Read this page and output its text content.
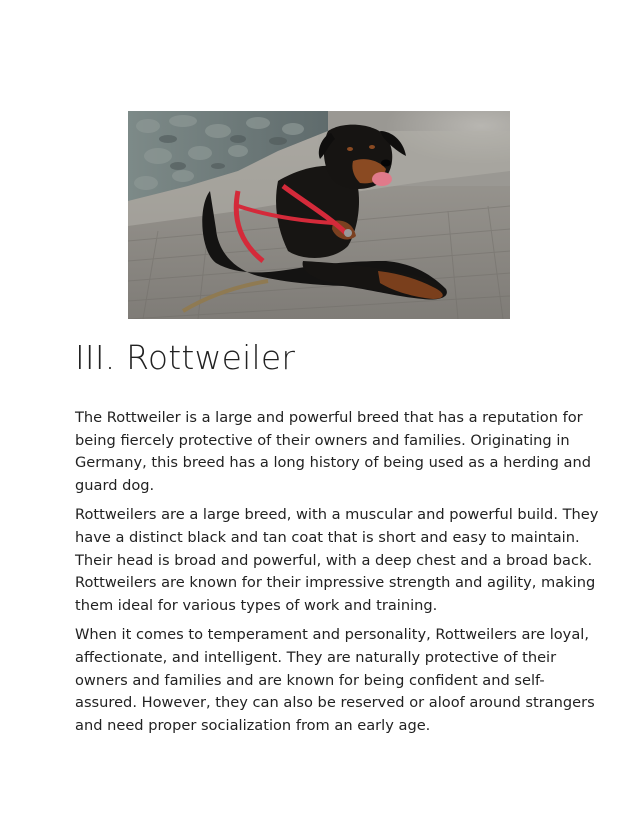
III. Rottweiler

The Rottweiler is a large and powerful breed that has a reputation for
being fiercely protective of their owners and families. Originating in
Germany, this breed has a long history of being used as a herding and
guard dog.

Rottweilers are a large breed, with a muscular and powerful build. They
have a distinct black and tan coat that is short and easy to maintain.
Their head is broad and powerful, with a deep chest and a broad back.
Rottweilers are known for their impressive strength and agility, making
them ideal for various types of work and training.

When it comes to temperament and personality, Rottweilers are loyal,
affectionate, and intelligent. They are naturally protective of their
owners and families and are known for being confident and self-
assured. However, they can also be reserved or aloof around strangers
and need proper socialization from an early age.
